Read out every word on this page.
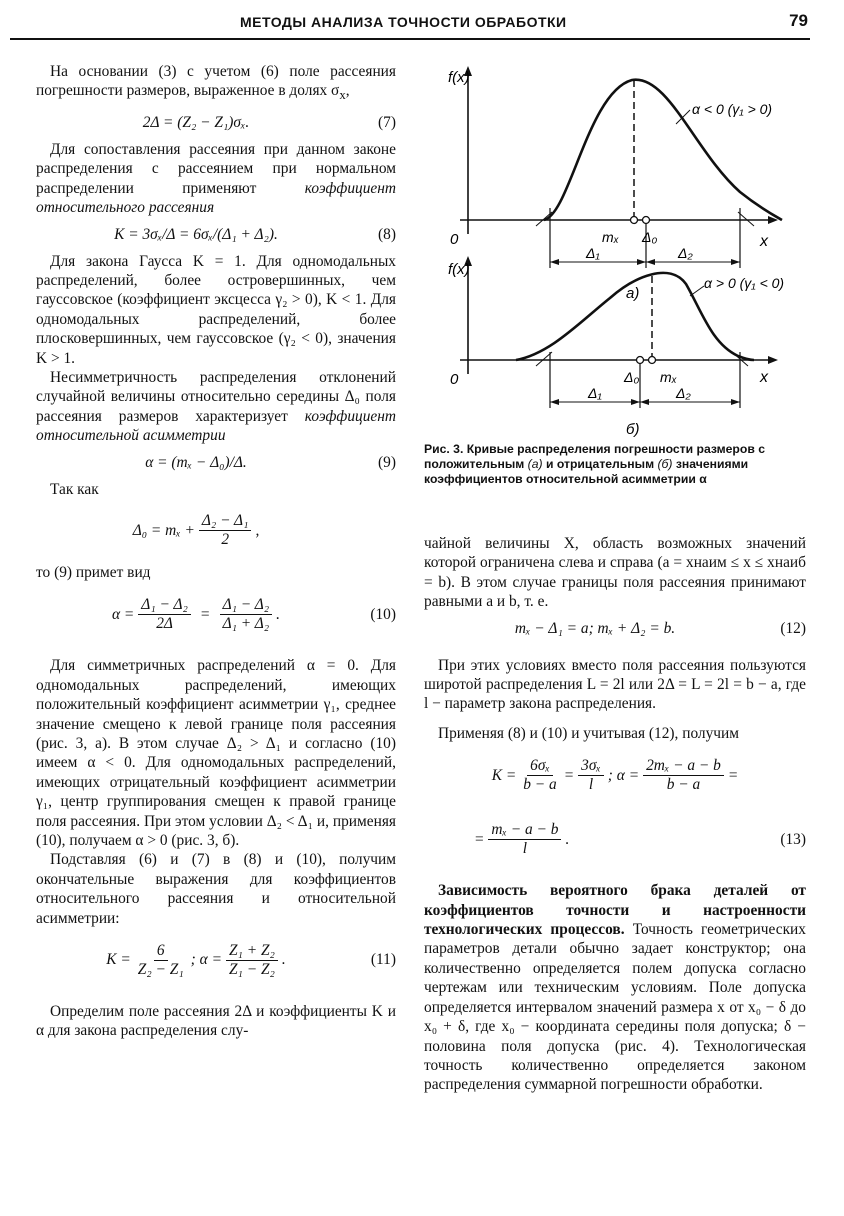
МЕТОДЫ АНАЛИЗА ТОЧНОСТИ ОБРАБОТКИ	79

На основании (3) с учетом (6) поле рассеяния погрешности размеров, выраженное в долях $\sigma_x$,

2Δ = (Z₂ − Z₁)σₓ.	(7)

Для сопоставления рассеяния при данном законе распределения с рассеянием при нормальном распределении применяют	коэффициент относительного рассеяния

K = 3σₓ/Δ = 6σₓ/(Δ₁ + Δ₂).	(8)

Для закона Гаусса K = 1. Для одномодальных распределений, более островершинных, чем гауссовское (коэффициент эксцесса γ₂ > 0), K < 1. Для одномодальных распределений, более плосковершинных, чем гауссовское (γ₂ < 0), значения K > 1.

Несимметричность распределения отклонений случайной величины относительно середины Δ₀ поля рассеяния размеров характеризует коэффициент относительной асимметрии

α = (mₓ − Δ₀)/Δ.	(9)

Так как

$\Delta_0 = m_x + \frac{\text{Δ₂ − Δ₁}}{2}$ ,

то (9) примет вид

$\alpha = \frac{\text{Δ₁ − Δ₂}}{2\Delta} = \frac{\text{Δ₁ − Δ₂}}{\text{Δ₁ + Δ₂}}$ .	(10)

Для симметричных распределений α = 0. Для одномодальных распределений, имеющих положительный коэффициент асимметрии γ₁, среднее значение смещено к левой границе поля рассеяния (рис. 3, а). В этом случае Δ₂ > Δ₁ и согласно (10) имеем α < 0. Для одномодальных распределений, имеющих отрицательный коэффициент асимметрии γ₁, центр группирования смещен к правой границе поля рассеяния. При этом условии Δ₂ < Δ₁ и, применяя (10), получаем α > 0 (рис. 3, б).

Подставляя (6) и (7) в (8) и (10), получим окончательные выражения для коэффициентов относительного рассеяния и относительной асимметрии:

$K = \frac{6}{\text{Z₂ − Z₁}}$ ; $\alpha = \frac{\text{Z₁ + Z₂}}{\text{Z₁ − Z₂}}$ .	(11)

Определим поле рассеяния 2Δ и коэффициенты K и α для закона распределения слу-

f(x)
0	x
mₓ Δ₀
Δ₁	Δ₂
α < 0 (γ₁ > 0)
а)
f(x)
0	x
Δ₀ mₓ
Δ₁	Δ₂
α > 0 (γ₁ < 0)
б)
Рис. 3. Кривые распределения погрешности размеров с положительным (а) и отрицательным (б) значениями коэффициентов относительной асимметрии α

чайной величины X, область возможных значений которой ограничена слева и справа (a = xнаим ≤ x ≤ xнаиб = b). В этом случае границы поля рассеяния принимают равными a и b, т. е.

mₓ − Δ₁ = a; mₓ + Δ₂ = b.	(12)

При этих условиях вместо поля рассеяния пользуются широтой распределения L = 2l или 2Δ = L = 2l = b − a, где l − параметр закона распределения.

Применяя (8) и (10) и учитывая (12), получим

$K = \frac{\text{6σₓ}}{b - a} = \frac{\text{3σₓ}}{l}$ ; $\alpha = \frac{\text{2mₓ − a − b}}{b - a}$ =
= $\frac{\text{mₓ − a − b}}{l}$ .	(13)

Зависимость вероятного брака деталей от коэффициентов точности и настроенности технологических процессов. Точность геометрических параметров детали обычно задает конструктор; она количественно определяется полем допуска согласно чертежам или техническим условиям. Поле допуска определяется интервалом значений размера x от x₀ − δ до x₀ + δ, где x₀ − координата середины поля допуска; δ − половина поля допуска (рис. 4). Технологическая точность количественно определяется законом распределения суммарной погрешности обработки.
